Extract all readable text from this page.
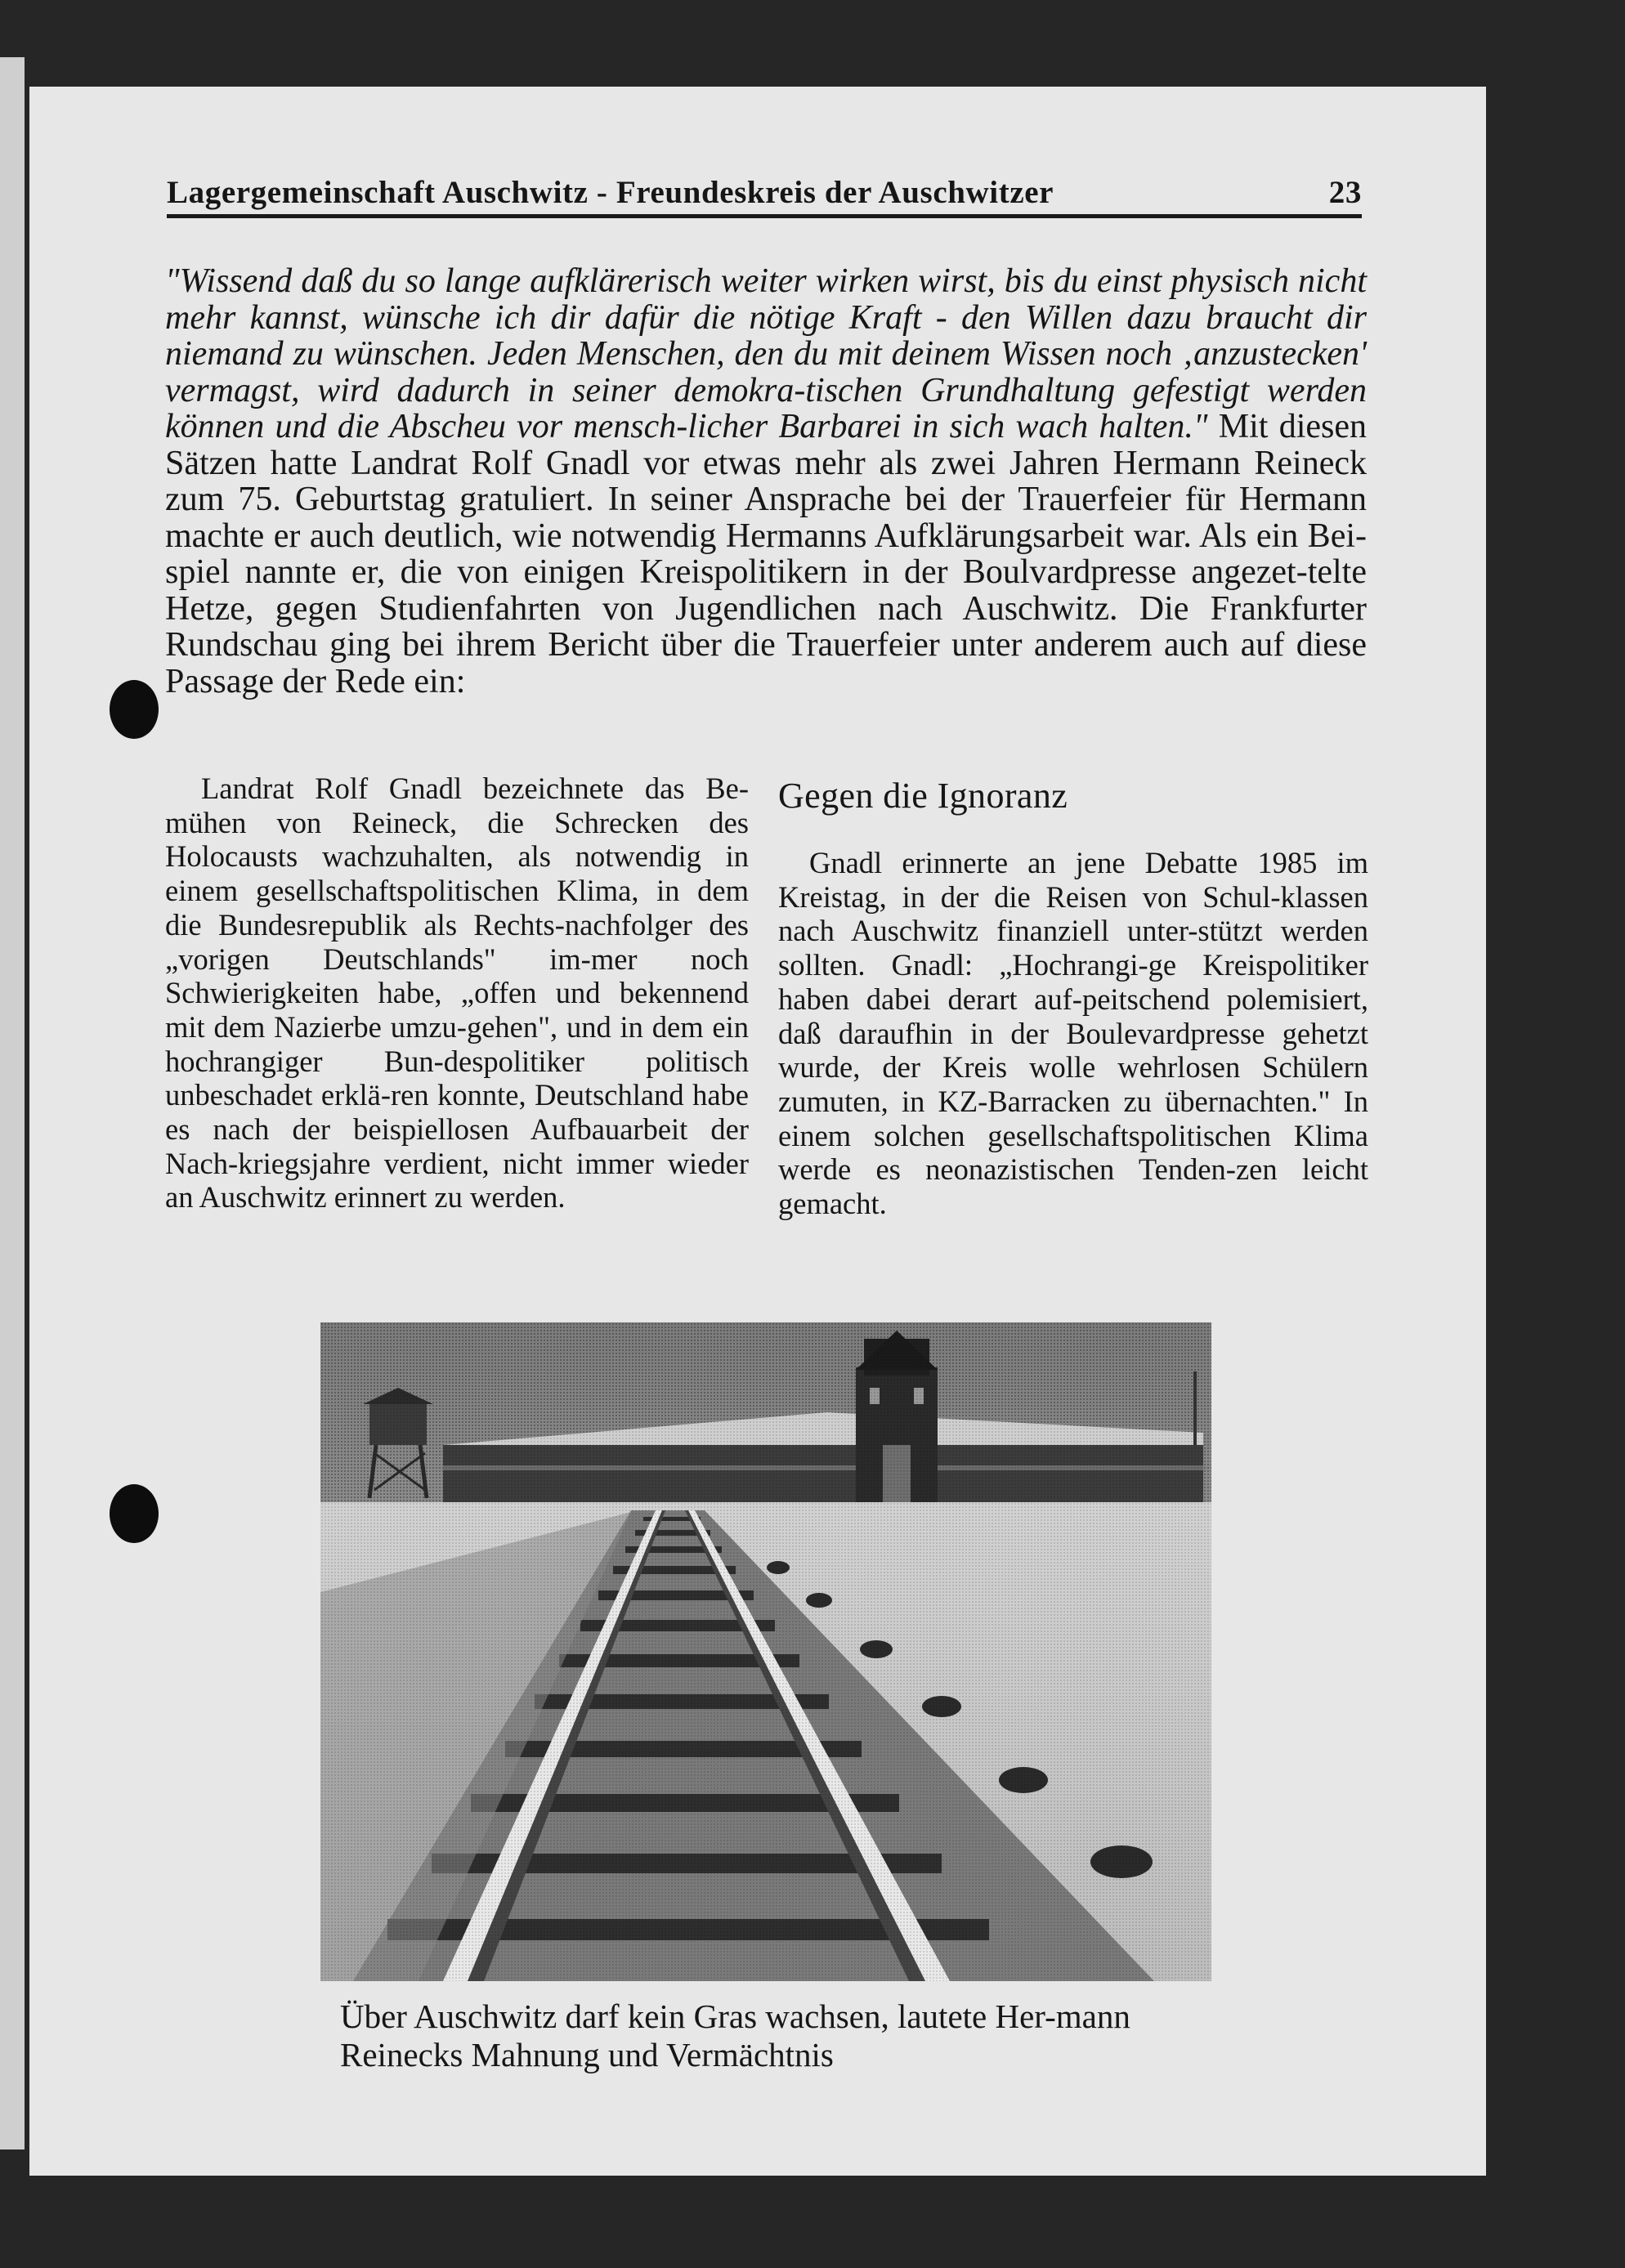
Lagergemeinschaft Auschwitz - Freundeskreis der Auschwitzer	23
"Wissend daß du so lange aufklärerisch weiter wirken wirst, bis du einst physisch nicht mehr kannst, wünsche ich dir dafür die nötige Kraft - den Willen dazu braucht dir niemand zu wünschen. Jeden Menschen, den du mit deinem Wissen noch ‚anzustecken' vermagst, wird dadurch in seiner demokra-tischen Grundhaltung gefestigt werden können und die Abscheu vor mensch-licher Barbarei in sich wach halten." Mit diesen Sätzen hatte Landrat Rolf Gnadl vor etwas mehr als zwei Jahren Hermann Reineck zum 75. Geburtstag gratuliert. In seiner Ansprache bei der Trauerfeier für Hermann machte er auch deutlich, wie notwendig Hermanns Aufklärungsarbeit war. Als ein Bei-spiel nannte er, die von einigen Kreispolitikern in der Boulvardpresse angezet-telte Hetze, gegen Studienfahrten von Jugendlichen nach Auschwitz. Die Frankfurter Rundschau ging bei ihrem Bericht über die Trauerfeier unter anderem auch auf diese Passage der Rede ein:

Landrat Rolf Gnadl bezeichnete das Be-mühen von Reineck, die Schrecken des Holocausts wachzuhalten, als notwendig in einem gesellschaftspolitischen Klima, in dem die Bundesrepublik als Rechts-nachfolger des „vorigen Deutschlands" im-mer noch Schwierigkeiten habe, „offen und bekennend mit dem Nazierbe umzu-gehen", und in dem ein hochrangiger Bun-despolitiker politisch unbeschadet erklä-ren konnte, Deutschland habe es nach der beispiellosen Aufbauarbeit der Nach-kriegsjahre verdient, nicht immer wieder an Auschwitz erinnert zu werden.

Gegen die Ignoranz

Gnadl erinnerte an jene Debatte 1985 im Kreistag, in der die Reisen von Schul-klassen nach Auschwitz finanziell unter-stützt werden sollten. Gnadl: „Hochrangi-ge Kreispolitiker haben dabei derart auf-peitschend polemisiert, daß daraufhin in der Boulevardpresse gehetzt wurde, der Kreis wolle wehrlosen Schülern zumuten, in KZ-Barracken zu übernachten." In einem solchen gesellschaftspolitischen Klima werde es neonazistischen Tenden-zen leicht gemacht.

Über Auschwitz darf kein Gras wachsen, lautete Her-mann Reinecks Mahnung und Vermächtnis
